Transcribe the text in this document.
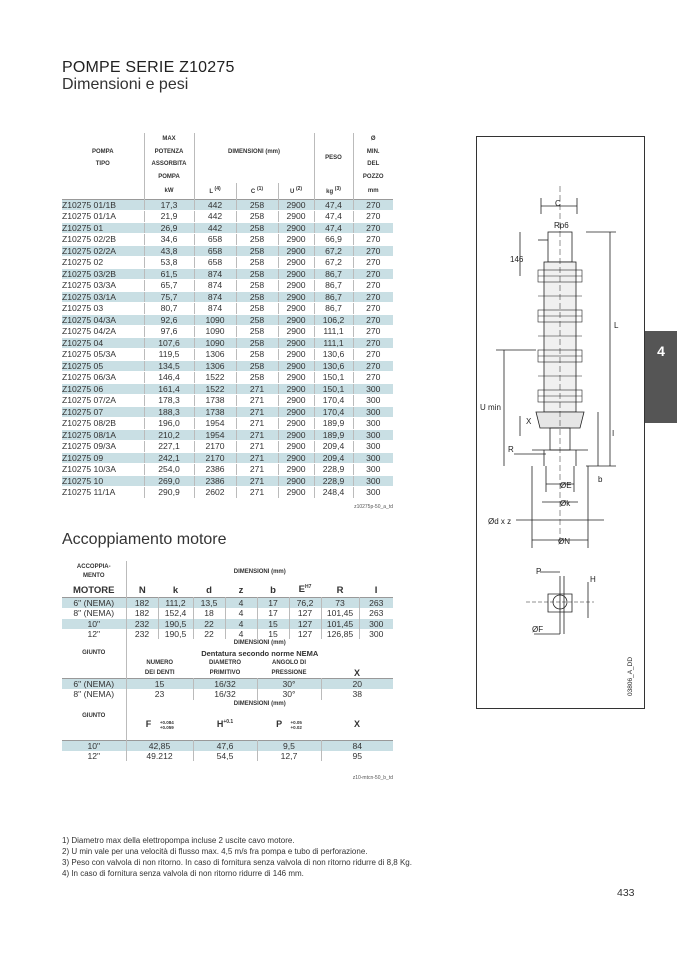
POMPE SERIE Z10275
Dimensioni e pesi
	MAX					Ø
POMPA	POTENZA	DIMENSIONI (mm)			PESO	MIN.
TIPO	ASSORBITA					DEL
	POMPA					POZZO
	kW	L $^{(4)}$	C $^{(1)}$	U $^{(2)}$	kg $^{(3)}$	mm
Z10275 01/1B	17,3	442	258	2900	47,4	270
Z10275 01/1A	21,9	442	258	2900	47,4	270
Z10275 01	26,9	442	258	2900	47,4	270
Z10275 02/2B	34,6	658	258	2900	66,9	270
Z10275 02/2A	43,8	658	258	2900	67,2	270
Z10275 02	53,8	658	258	2900	67,2	270
Z10275 03/2B	61,5	874	258	2900	86,7	270
Z10275 03/3A	65,7	874	258	2900	86,7	270
Z10275 03/1A	75,7	874	258	2900	86,7	270
Z10275 03	80,7	874	258	2900	86,7	270
Z10275 04/3A	92,6	1090	258	2900	106,2	270
Z10275 04/2A	97,6	1090	258	2900	111,1	270
Z10275 04	107,6	1090	258	2900	111,1	270
Z10275 05/3A	119,5	1306	258	2900	130,6	270
Z10275 05	134,5	1306	258	2900	130,6	270
Z10275 06/3A	146,4	1522	258	2900	150,1	270
Z10275 06	161,4	1522	271	2900	150,1	300
Z10275 07/2A	178,3	1738	271	2900	170,4	300
Z10275 07	188,3	1738	271	2900	170,4	300
Z10275 08/2B	196,0	1954	271	2900	189,9	300
Z10275 08/1A	210,2	1954	271	2900	189,9	300
Z10275 09/3A	227,1	2170	271	2900	209,4	300
Z10275 09	242,1	2170	271	2900	209,4	300
Z10275 10/3A	254,0	2386	271	2900	228,9	300
Z10275 10	269,0	2386	271	2900	228,9	300
Z10275 11/1A	290,9	2602	271	2900	248,4	300
z10275p-50_a_td
Accoppiamento motore
ACCOPPIA-
MENTO	DIMENSIONI (mm)							
MOTORE	N	k	d	z	b	$E^{H7}$	R	I
6" (NEMA)	182	111,2	13,5	4	17	76,2	73	263
8" (NEMA)	182	152,4	18	4	17	127	101,45	263
10"	232	190,5	22	4	15	127	101,45	300
12"	232	190,5	22	4	15	127	126,85	300
	DIMENSIONI (mm)							
GIUNTO	Dentatura secondo norme NEMA							
	NUMERO		DIAMETRO		ANGOLO DI			
	DEI DENTI		PRIMITIVO		PRESSIONE		X	
6" (NEMA)	15		16/32		30°		20	
8" (NEMA)	23		16/32		30°		38	
	DIMENSIONI (mm)							
GIUNTO	F +0.084
+0.059		$H^{+0.1}$		P +0.05
+0.02		X	
10"	42,85		47,6		9,5		84	
12"	49.212		54,5		12,7		95	
z10-mtcn-50_b_td
1) Diametro max della elettropompa incluse 2 uscite cavo motore.
2) U min vale per una velocità di flusso max. 4,5 m/s fra pompa e tubo di perforazione.
3) Peso con valvola di non ritorno. In caso di fornitura senza valvola di non ritorno ridurre di 8,8 Kg.
4) In caso di fornitura senza valvola di non ritorno ridurre di 146 mm.
433
4
C
Rp6
146
X
L
U min
R
I
b
ØE
Øk
Ød x z
ØN
P
H
ØF
03806_A_DD
